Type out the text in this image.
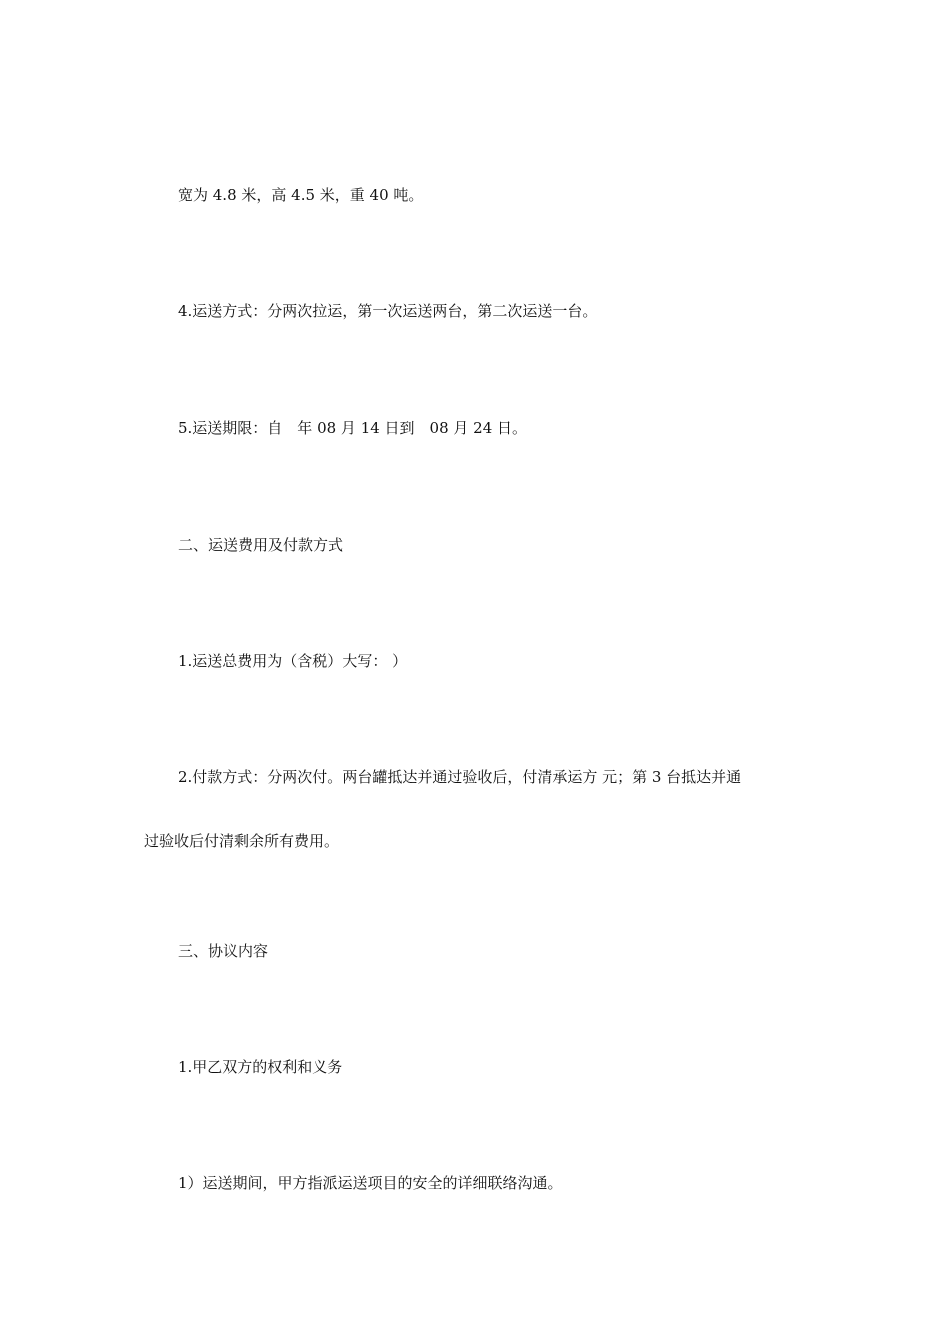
宽为 4.8 米，高 4.5 米，重 40 吨。
4.运送方式：分两次拉运，第一次运送两台，第二次运送一台。
5.运送期限：自　年 08 月 14 日到　08 月 24 日。
二、运送费用及付款方式
1.运送总费用为（含税）大写： ）
2.付款方式：分两次付。两台罐抵达并通过验收后，付清承运方 元；第 3 台抵达并通
过验收后付清剩余所有费用。
三、协议内容
1.甲乙双方的权利和义务
1）运送期间，甲方指派运送项目的安全的详细联络沟通。
